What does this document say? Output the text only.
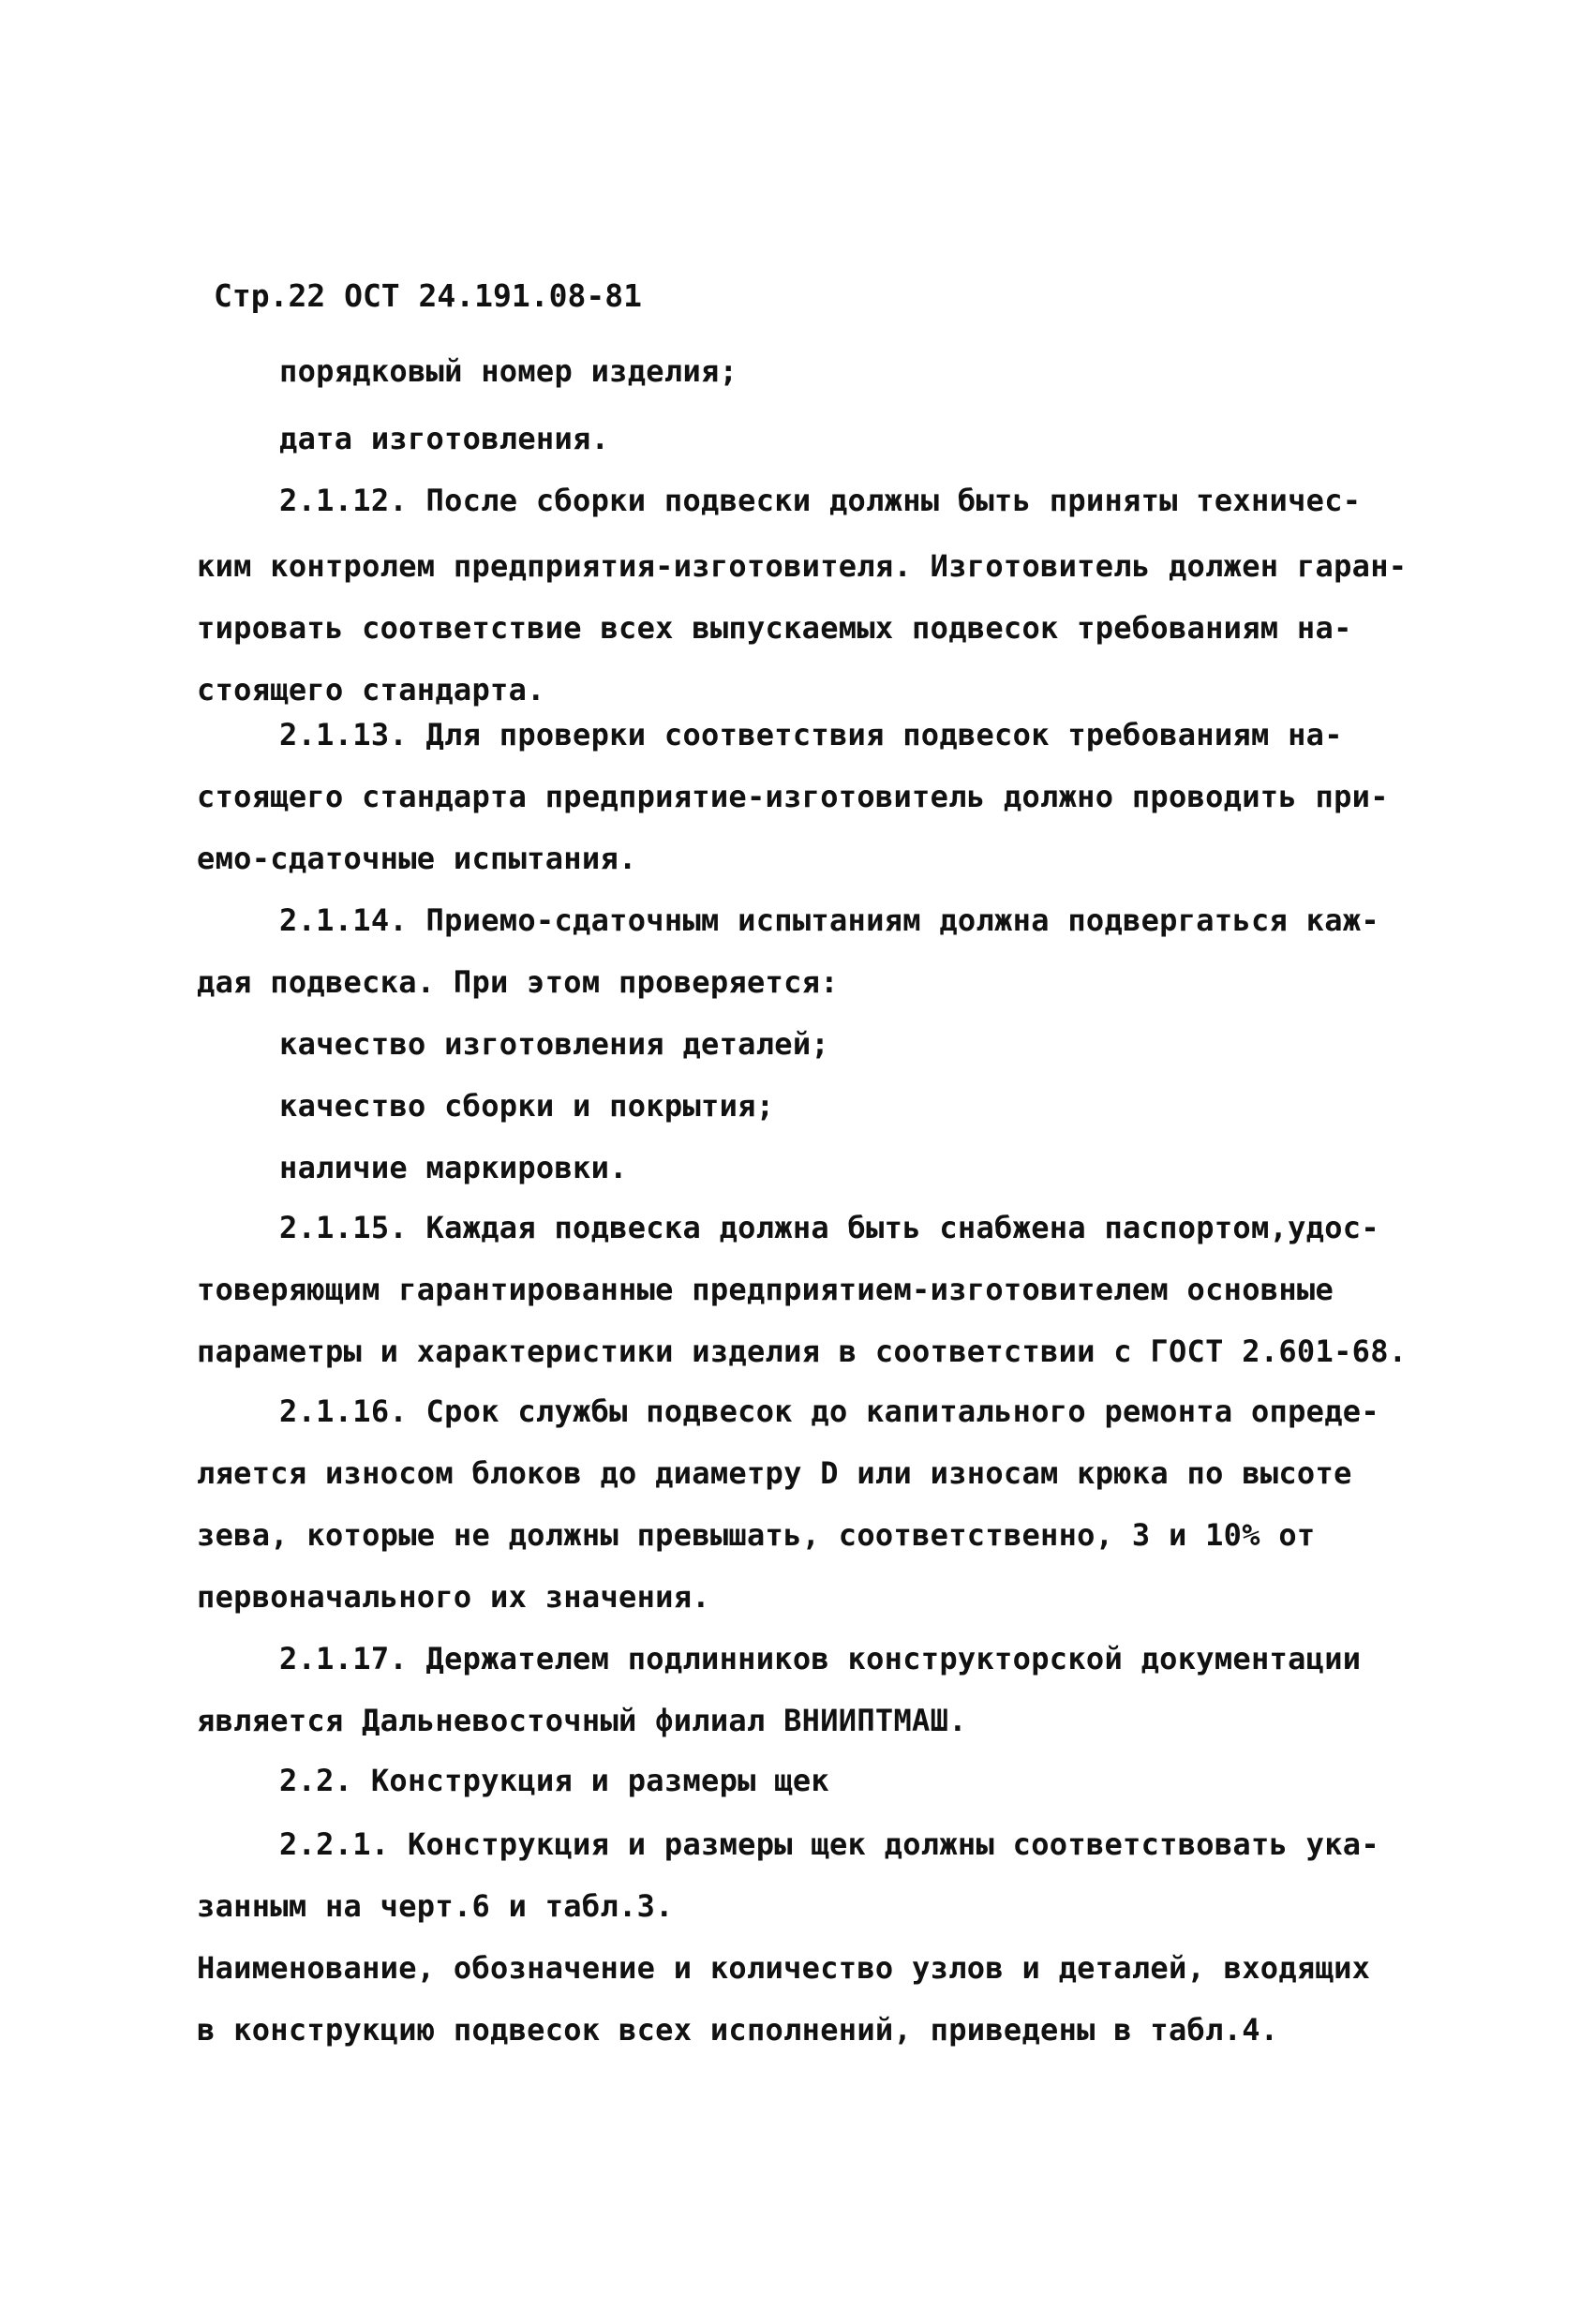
Стр.22 ОСТ 24.191.08-81
порядковый номер изделия;
дата изготовления.
2.1.12. После сборки подвески должны быть приняты техничес-
ким контролем предприятия-изготовителя. Изготовитель должен гаран-
тировать соответствие всех выпускаемых подвесок требованиям на-
стоящего стандарта.
2.1.13. Для проверки соответствия подвесок требованиям на-
стоящего стандарта предприятие-изготовитель должно проводить при-
емо-сдаточные испытания.
2.1.14. Приемо-сдаточным испытаниям должна подвергаться каж-
дая подвеска. При этом проверяется:
качество изготовления деталей;
качество сборки и покрытия;
наличие маркировки.
2.1.15. Каждая подвеска должна быть снабжена паспортом,удос-
товеряющим гарантированные предприятием-изготовителем основные
параметры и характеристики изделия в соответствии с ГОСТ 2.601-68.
2.1.16. Срок службы подвесок до капитального ремонта опреде-
ляется износом блоков до диаметру D или износам крюка по высоте
зева, которые не должны превышать, соответственно, 3 и 10% от
первоначального их значения.
2.1.17. Держателем подлинников конструкторской документации
является Дальневосточный филиал ВНИИПТМАШ.
2.2. Конструкция и размеры щек
2.2.1. Конструкция и размеры щек должны соответствовать ука-
занным на черт.6 и табл.3.
Наименование, обозначение и количество узлов и деталей, входящих
в конструкцию подвесок всех исполнений, приведены в табл.4.
